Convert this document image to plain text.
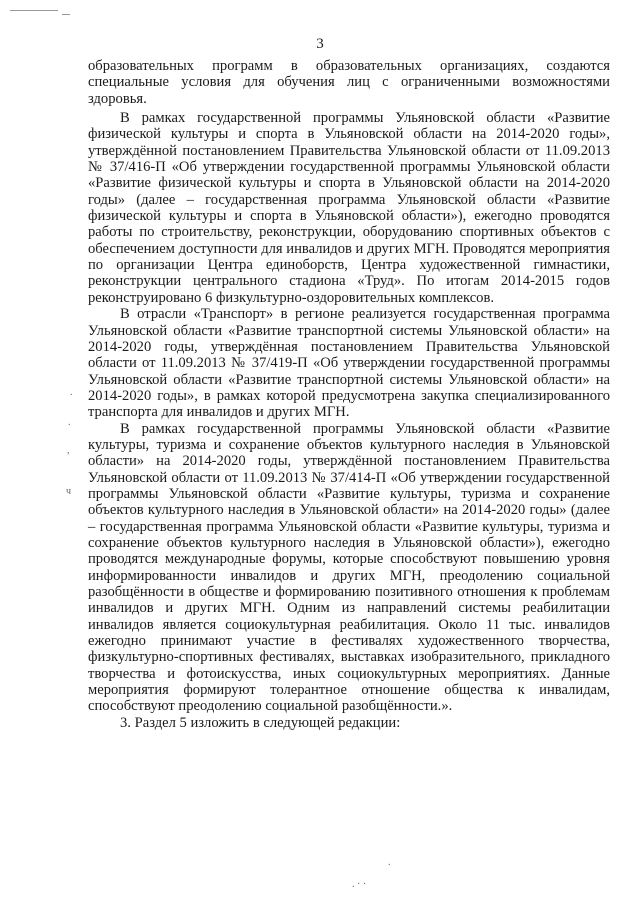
.
.
,
ч
.
. · ·
3

образовательных программ в образовательных организациях, создаются специальные условия для обучения лиц с ограниченными возможностями здоровья.

В рамках государственной программы Ульяновской области «Развитие физической культуры и спорта в Ульяновской области на 2014-2020 годы», утверждённой постановлением Правительства Ульяновской области от 11.09.2013 № 37/416-П «Об утверждении государственной программы Ульяновской области «Развитие физической культуры и спорта в Ульяновской области на 2014-2020 годы» (далее – государственная программа Ульяновской области «Развитие физической культуры и спорта в Ульяновской области»), ежегодно проводятся работы по строительству, реконструкции, оборудованию спортивных объектов с обеспечением доступности для инвалидов и других МГН. Проводятся мероприятия по организации Центра единоборств, Центра художественной гимнастики, реконструкции центрального стадиона «Труд». По итогам 2014-2015 годов реконструировано 6 физкультурно-оздоровительных комплексов.

В отрасли «Транспорт» в регионе реализуется государственная программа Ульяновской области «Развитие транспортной системы Ульяновской области» на 2014-2020 годы, утверждённая постановлением Правительства Ульяновской области от 11.09.2013 № 37/419-П «Об утверждении государственной программы Ульяновской области «Развитие транспортной системы Ульяновской области» на 2014-2020 годы», в рамках которой предусмотрена закупка специализированного транспорта для инвалидов и других МГН.

В рамках государственной программы Ульяновской области «Развитие культуры, туризма и сохранение объектов культурного наследия в Ульяновской области» на 2014-2020 годы, утверждённой постановлением Правительства Ульяновской области от 11.09.2013 № 37/414-П «Об утверждении государственной программы Ульяновской области «Развитие культуры, туризма и сохранение объектов культурного наследия в Ульяновской области» на 2014-2020 годы» (далее – государственная программа Ульяновской области «Развитие культуры, туризма и сохранение объектов культурного наследия в Ульяновской области»), ежегодно проводятся международные форумы, которые способствуют повышению уровня информированности инвалидов и других МГН, преодолению социальной разобщённости в обществе и формированию позитивного отношения к проблемам инвалидов и других МГН. Одним из направлений системы реабилитации инвалидов является социокультурная реабилитация. Около 11 тыс. инвалидов ежегодно принимают участие в фестивалях художественного творчества, физкультурно-спортивных фестивалях, выставках изобразительного, прикладного творчества и фотоискусства, иных социокультурных мероприятиях. Данные мероприятия формируют толерантное отношение общества к инвалидам, способствуют преодолению социальной разобщённости.».

3. Раздел 5 изложить в следующей редакции:
